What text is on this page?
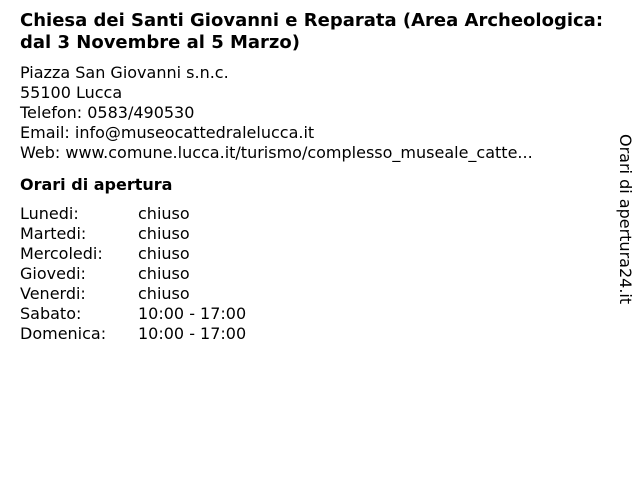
Chiesa dei Santi Giovanni e Reparata (Area Archeologica: dal 3 Novembre al 5 Marzo)
Piazza San Giovanni s.n.c.
55100 Lucca
Telefon: 0583/490530
Email: info@museocattedralelucca.it
Web: www.comune.lucca.it/turismo/complesso_museale_catte...
Orari di apertura
Lunedi:	chiuso
Martedi:	chiuso
Mercoledi:	chiuso
Giovedi:	chiuso
Venerdi:	chiuso
Sabato:	10:00 - 17:00
Domenica:	10:00 - 17:00
Orari di apertura24.it
